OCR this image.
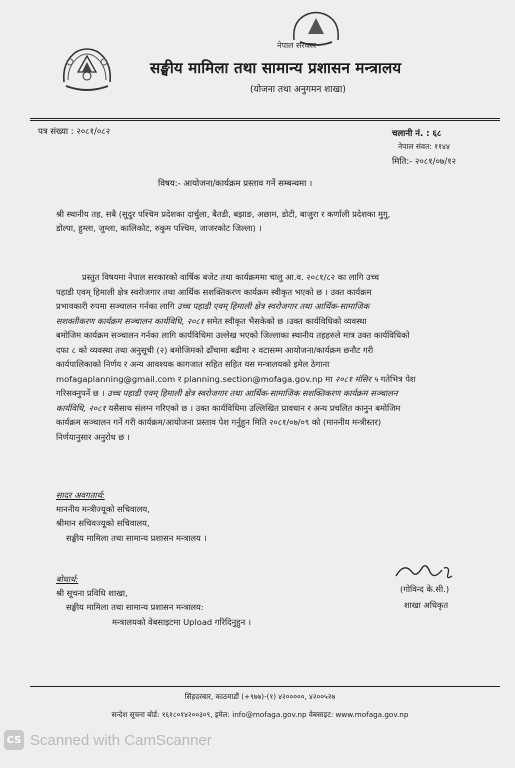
नेपाल सरकार
सङ्घीय मामिला तथा सामान्य प्रशासन मन्त्रालय
(योजना तथा अनुगमन शाखा)
पत्र संख्या : २०८१/०८२	चलानी नं. : ६८
नेपाल संवत: ११४४
मिति:- २०८१/०७/१२
विषय:- आयोजना/कार्यक्रम प्रस्ताव गर्ने सम्बन्धमा ।
श्री स्थानीय तह, सबै (सुदुर पश्चिम प्रदेशका दार्चुला, बैतडी, बझाङ, अछाम, डोटी, बाजुरा र कर्णाली प्रदेशका मुगु,
डोल्पा, हुम्ला, जुम्ला, कालिकोट, रुकुम पश्चिम, जाजरकोट जिल्ला) ।
प्रस्तुत विषयमा नेपाल सरकारको वार्षिक बजेट तथा कार्यक्रममा चालु आ.व. २०८१/८२ का लागि उच्च
पहाडी एवम् हिमाली क्षेत्र स्वरोजगार तथा आर्थिक सशक्तिकरण कार्यक्रम स्वीकृत भएको छ । उक्त कार्यक्रम
प्रभावकारी रुपमा सञ्चालन गर्नका लागि उच्च पहाडी एवम् हिमाली क्षेत्र स्वरोजगार तथा आर्थिक-सामाजिक
सशक्तीकरण कार्यक्रम सञ्चालन कार्यविधि, २०८१ समेत स्वीकृत भैसकेको छ ।उक्त कार्यविधिको व्यवस्था
बमोजिम कार्यक्रम सञ्चालन गर्नका लागि कार्यविधिमा उल्लेख भएको जिल्लाका स्थानीय तहहरुले मात्र उक्त कार्यविधिको
दफा ८ को व्यवस्था तथा अनुसूची (२) बमोजिमको ढाँचामा बढीमा २ वटासम्म आयोजना/कार्यक्रम छनौट गरी
कार्यपालिकाको निर्णय र अन्य आवश्यक कागजात सहित सहित यस मन्त्रालयको इमेल ठेगाना
mofagaplanning@gmail.com र planning.section@mofaga.gov.np मा २०८१ मंसिर ५ गतेभित्र पेश
गरिसक्नुपर्ने छ । उच्च पहाडी एवम् हिमाली क्षेत्र स्वरोजगार तथा आर्थिक-सामाजिक सशक्तिकरण कार्यक्रम सञ्चालन
कार्यविधि, २०८१ यसैसाथ संलग्न गरिएको छ । उक्त कार्यविधिमा उल्लिखित प्रावधान र अन्य प्रचलित कानुन बमोजिम
कार्यक्रम सञ्चालन गर्ने गरी कार्यक्रम/आयोजना प्रस्ताव पेश गर्नुहुन मिति २०८१/०७/०९ को (माननीय मन्त्रीस्तर)
निर्णयानुसार अनुरोध छ ।
सादर अवगतार्थ:
माननीय मन्त्रीज्यूको सचिवालय,
श्रीमान सचिवज्यूको सचिवालय,
सङ्घीय मामिला तथा सामान्य प्रशासन मन्त्रालय ।
(गोविन्द के.सी.)
शाखा अधिकृत
बोधार्थ:
श्री सूचना प्रविधि शाखा,
सङ्घीय मामिला तथा सामान्य प्रशासन मन्त्रालय:
मन्त्रालयको वेबसाइटमा Upload गरिदिनुहुन ।
सिंहदरबार, काठमाडौं (+९७७)-(१) ४२०००००, ४२००५२७
सन्देश सूचना बोर्ड: १६१८०१४२००३०९, इमेल: info@mofaga.gov.np वेबसाइट: www.mofaga.gov.np
CS Scanned with CamScanner
